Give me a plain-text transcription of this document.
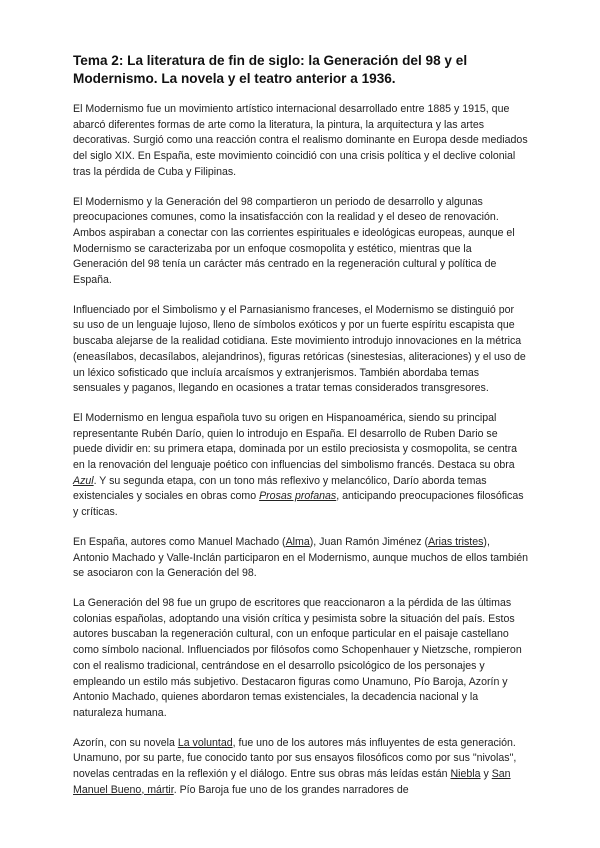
Tema 2: La literatura de fin de siglo: la Generación del 98 y el Modernismo. La novela y el teatro anterior a 1936.

El Modernismo fue un movimiento artístico internacional desarrollado entre 1885 y 1915, que abarcó diferentes formas de arte como la literatura, la pintura, la arquitectura y las artes decorativas. Surgió como una reacción contra el realismo dominante en Europa desde mediados del siglo XIX. En España, este movimiento coincidió con una crisis política y el declive colonial tras la pérdida de Cuba y Filipinas.

El Modernismo y la Generación del 98 compartieron un periodo de desarrollo y algunas preocupaciones comunes, como la insatisfacción con la realidad y el deseo de renovación. Ambos aspiraban a conectar con las corrientes espirituales e ideológicas europeas, aunque el Modernismo se caracterizaba por un enfoque cosmopolita y estético, mientras que la Generación del 98 tenía un carácter más centrado en la regeneración cultural y política de España.

Influenciado por el Simbolismo y el Parnasianismo franceses, el Modernismo se distinguió por su uso de un lenguaje lujoso, lleno de símbolos exóticos y por un fuerte espíritu escapista que buscaba alejarse de la realidad cotidiana. Este movimiento introdujo innovaciones en la métrica (eneasílabos, decasílabos, alejandrinos), figuras retóricas (sinestesias, aliteraciones) y el uso de un léxico sofisticado que incluía arcaísmos y extranjerismos. También abordaba temas sensuales y paganos, llegando en ocasiones a tratar temas considerados transgresores.

El Modernismo en lengua española tuvo su origen en Hispanoamérica, siendo su principal representante Rubén Darío, quien lo introdujo en España. El desarrollo de Ruben Dario se puede dividir en: su primera etapa, dominada por un estilo preciosista y cosmopolita, se centra en la renovación del lenguaje poético con influencias del simbolismo francés. Destaca su obra Azul. Y su segunda etapa, con un tono más reflexivo y melancólico, Darío aborda temas existenciales y sociales en obras como Prosas profanas, anticipando preocupaciones filosóficas y críticas.

En España, autores como Manuel Machado (Alma), Juan Ramón Jiménez (Arias tristes), Antonio Machado y Valle-Inclán participaron en el Modernismo, aunque muchos de ellos también se asociaron con la Generación del 98.

La Generación del 98 fue un grupo de escritores que reaccionaron a la pérdida de las últimas colonias españolas, adoptando una visión crítica y pesimista sobre la situación del país. Estos autores buscaban la regeneración cultural, con un enfoque particular en el paisaje castellano como símbolo nacional. Influenciados por filósofos como Schopenhauer y Nietzsche, rompieron con el realismo tradicional, centrándose en el desarrollo psicológico de los personajes y empleando un estilo más subjetivo. Destacaron figuras como Unamuno, Pío Baroja, Azorín y Antonio Machado, quienes abordaron temas existenciales, la decadencia nacional y la naturaleza humana.

Azorín, con su novela La voluntad, fue uno de los autores más influyentes de esta generación. Unamuno, por su parte, fue conocido tanto por sus ensayos filosóficos como por sus "nivolas", novelas centradas en la reflexión y el diálogo. Entre sus obras más leídas están Niebla y San Manuel Bueno, mártir. Pío Baroja fue uno de los grandes narradores de
